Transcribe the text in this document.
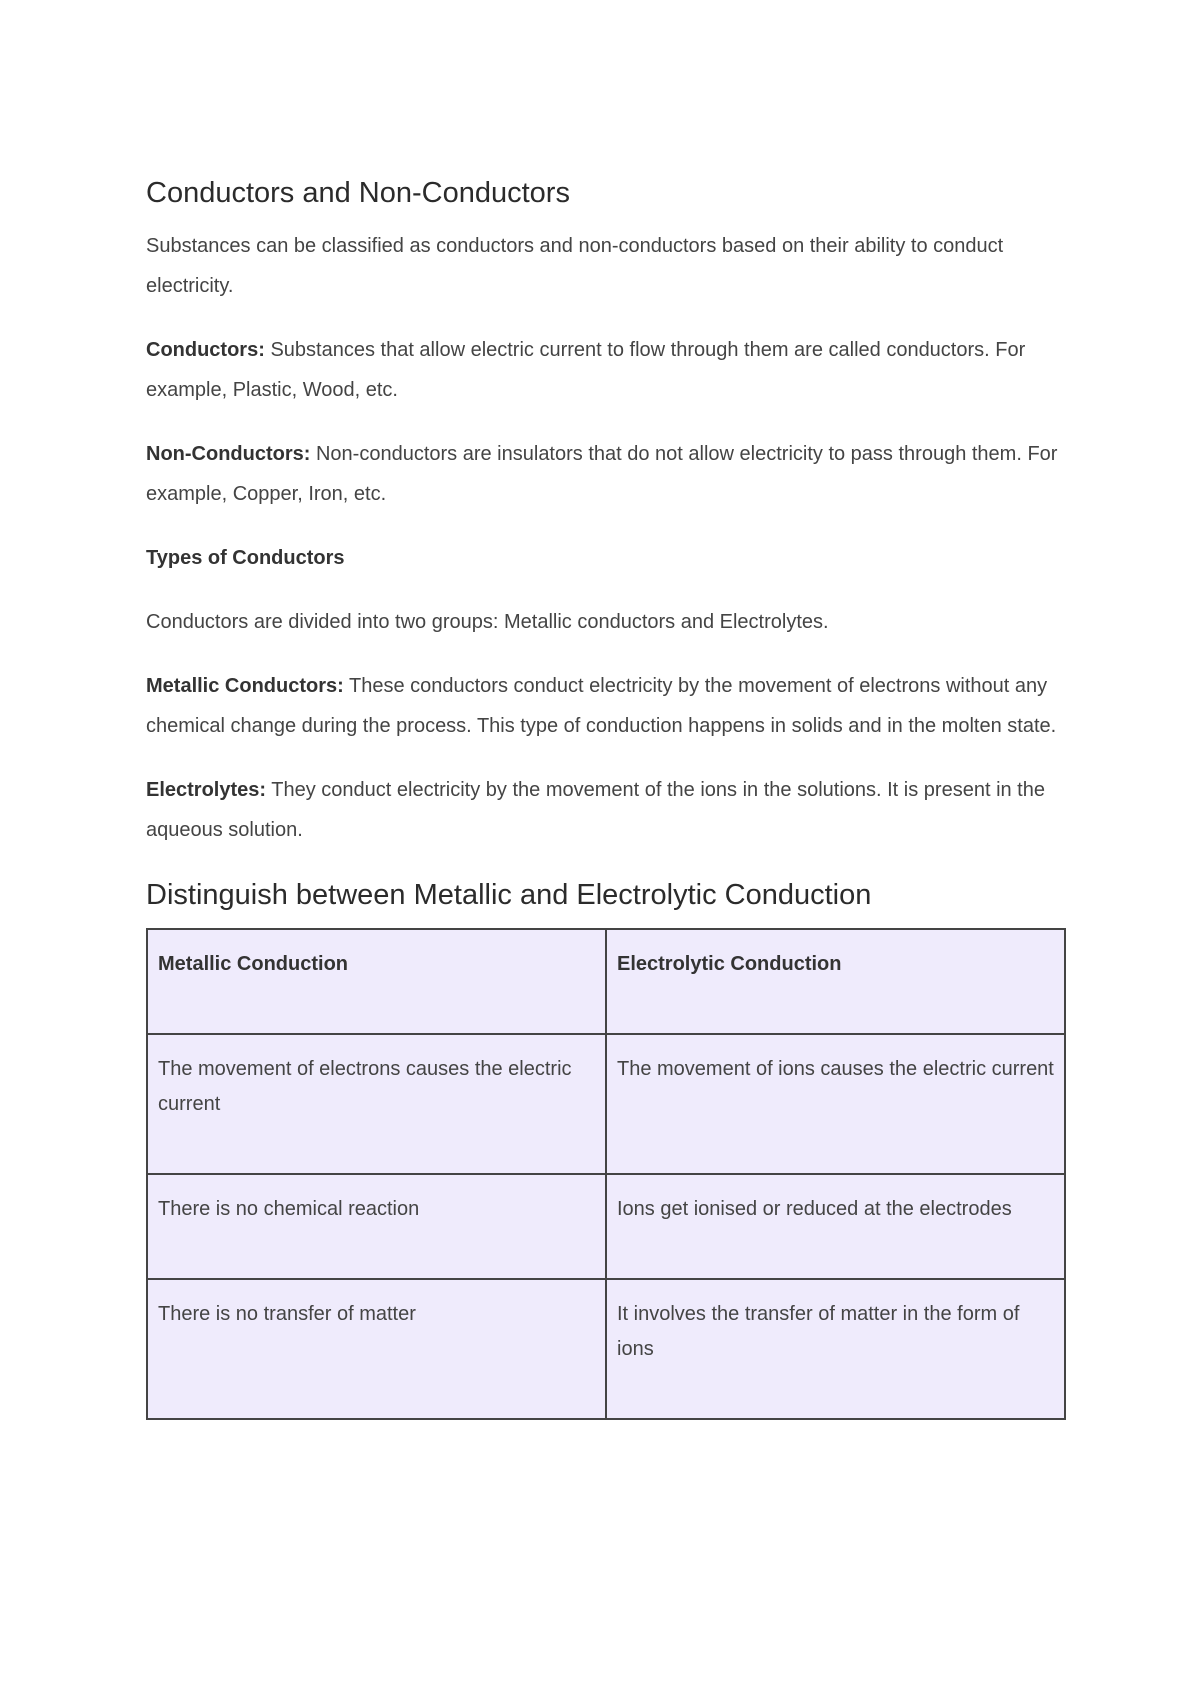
Conductors and Non-Conductors

Substances can be classified as conductors and non-conductors based on their ability to conduct electricity.

Conductors: Substances that allow electric current to flow through them are called conductors. For example, Plastic, Wood, etc.

Non-Conductors: Non-conductors are insulators that do not allow electricity to pass through them. For example, Copper, Iron, etc.

Types of Conductors

Conductors are divided into two groups: Metallic conductors and Electrolytes.

Metallic Conductors: These conductors conduct electricity by the movement of electrons without any chemical change during the process. This type of conduction happens in solids and in the molten state.

Electrolytes: They conduct electricity by the movement of the ions in the solutions. It is present in the aqueous solution.

Distinguish between Metallic and Electrolytic Conduction
Metallic Conduction	Electrolytic Conduction
The movement of electrons causes the electric current	The movement of ions causes the electric current
There is no chemical reaction	Ions get ionised or reduced at the electrodes
There is no transfer of matter	It involves the transfer of matter in the form of ions
